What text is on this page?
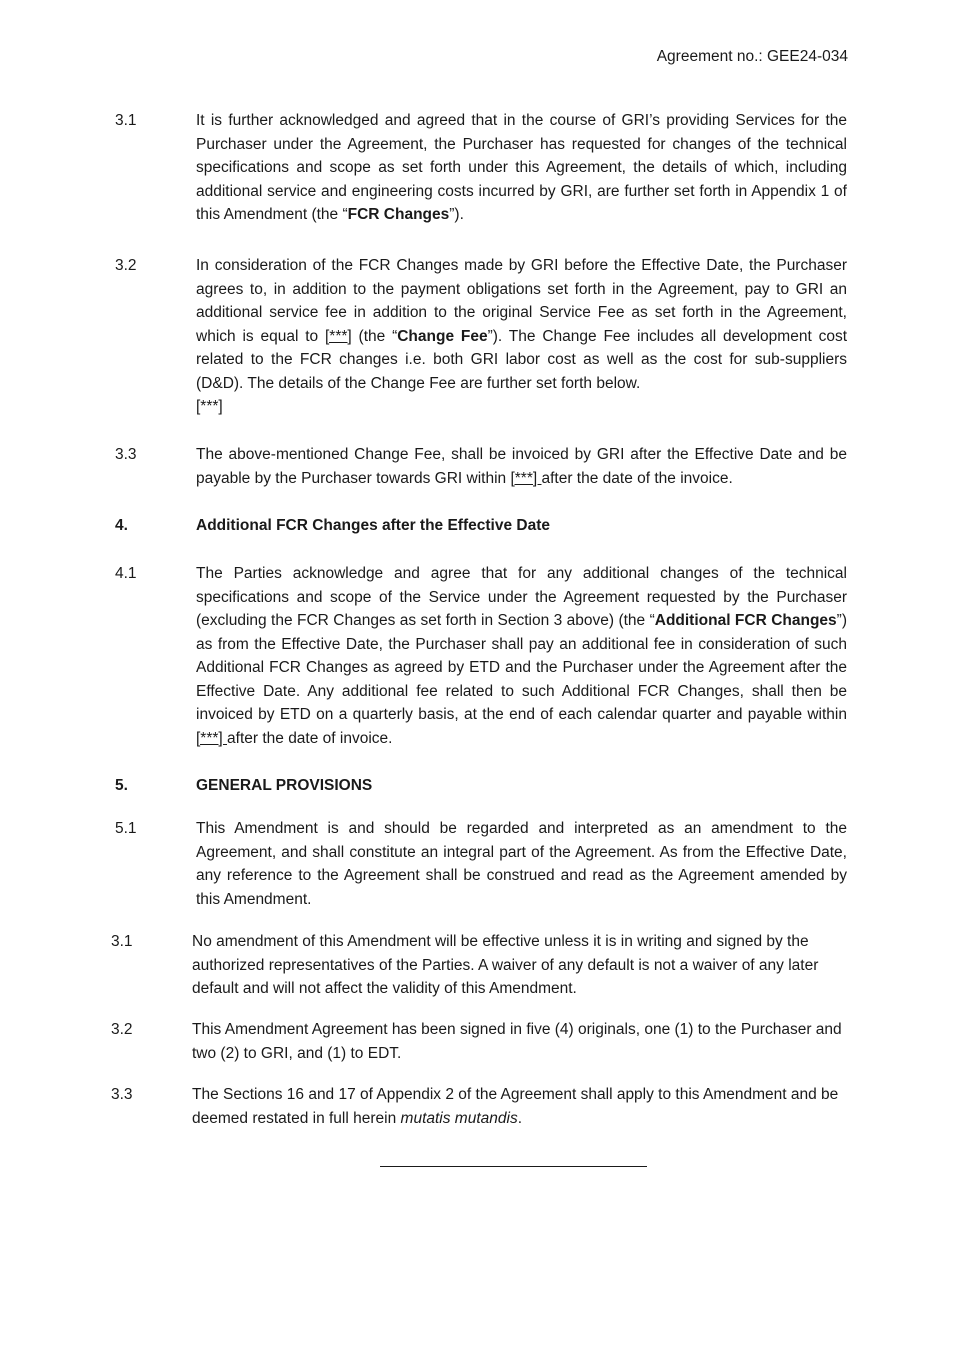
Agreement no.: GEE24-034
3.1	It is further acknowledged and agreed that in the course of GRI’s providing Services for the Purchaser under the Agreement, the Purchaser has requested for changes of the technical specifications and scope as set forth under this Agreement, the details of which, including additional service and engineering costs incurred by GRI, are further set forth in Appendix 1 of this Amendment (the “FCR Changes”).
3.2	In consideration of the FCR Changes made by GRI before the Effective Date, the Purchaser agrees to, in addition to the payment obligations set forth in the Agreement, pay to GRI an additional service fee in addition to the original Service Fee as set forth in the Agreement, which is equal to [***] (the “Change Fee”). The Change Fee includes all development cost related to the FCR changes i.e. both GRI labor cost as well as the cost for sub-suppliers (D&D). The details of the Change Fee are further set forth below.
[***]
3.3	The above-mentioned Change Fee, shall be invoiced by GRI after the Effective Date and be payable by the Purchaser towards GRI within [***] after the date of the invoice.
4.	Additional FCR Changes after the Effective Date
4.1	The Parties acknowledge and agree that for any additional changes of the technical specifications and scope of the Service under the Agreement requested by the Purchaser (excluding the FCR Changes as set forth in Section 3 above) (the “Additional FCR Changes”) as from the Effective Date, the Purchaser shall pay an additional fee in consideration of such Additional FCR Changes as agreed by ETD and the Purchaser under the Agreement after the Effective Date. Any additional fee related to such Additional FCR Changes, shall then be invoiced by ETD on a quarterly basis, at the end of each calendar quarter and payable within [***] after the date of invoice.
5.	GENERAL PROVISIONS
5.1	This Amendment is and should be regarded and interpreted as an amendment to the Agreement, and shall constitute an integral part of the Agreement. As from the Effective Date, any reference to the Agreement shall be construed and read as the Agreement amended by this Amendment.
3.1	No amendment of this Amendment will be effective unless it is in writing and signed by the authorized representatives of the Parties. A waiver of any default is not a waiver of any later default and will not affect the validity of this Amendment.
3.2	This Amendment Agreement has been signed in five (4) originals, one (1) to the Purchaser and two (2) to GRI, and (1) to EDT.
3.3	The Sections 16 and 17 of Appendix 2 of the Agreement shall apply to this Amendment and be deemed restated in full herein mutatis mutandis.
